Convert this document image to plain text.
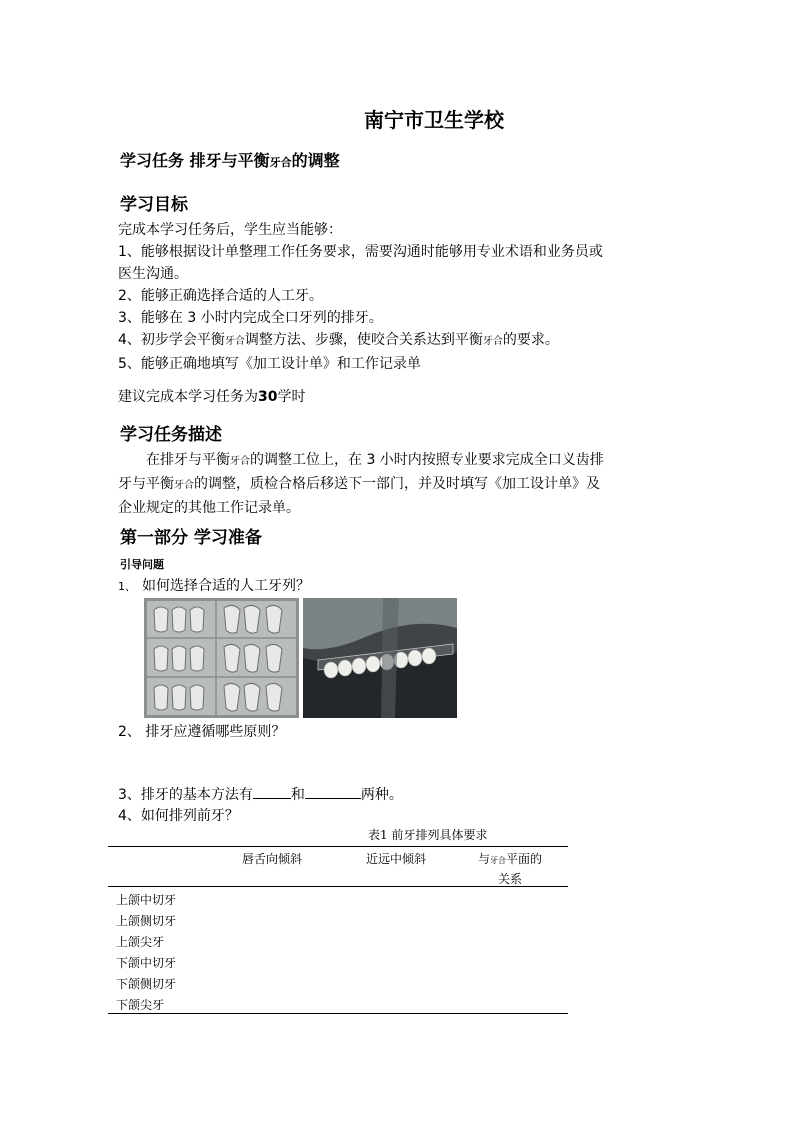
南宁市卫生学校
学习任务 排牙与平衡牙合的调整
学习目标
完成本学习任务后，学生应当能够：
1、能够根据设计单整理工作任务要求，需要沟通时能够用专业术语和业务员或
医生沟通。
2、能够正确选择合适的人工牙。
3、能够在 3 小时内完成全口牙列的排牙。
4、初步学会平衡牙合调整方法、步骤，使咬合关系达到平衡牙合的要求。
5、能够正确地填写《加工设计单》和工作记录单
建议完成本学习任务为30学时
学习任务描述
在排牙与平衡牙合的调整工位上，在 3 小时内按照专业要求完成全口义齿排
牙与平衡牙合的调整，质检合格后移送下一部门，并及时填写《加工设计单》及
企业规定的其他工作记录单。
第一部分 学习准备
引导问题
1、 如何选择合适的人工牙列？
2、 排牙应遵循哪些原则？
3、排牙的基本方法有	和	两种。
4、如何排列前牙？
表1 前牙排列具体要求
唇舌向倾斜	近远中倾斜	与牙合平面的
关系
上颌中切牙
上颌侧切牙
上颌尖牙
下颌中切牙
下颌侧切牙
下颌尖牙
